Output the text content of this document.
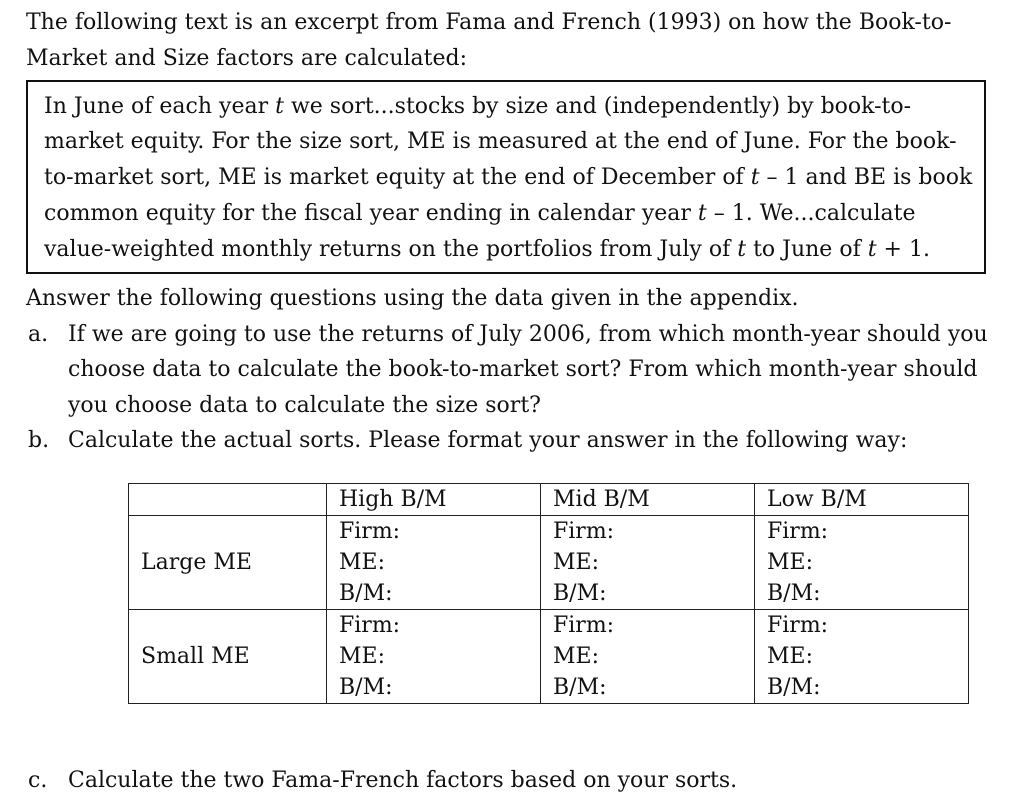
The following text is an excerpt from Fama and French (1993) on how the Book-to-
Market and Size factors are calculated:
In June of each year t we sort...stocks by size and (independently) by book-to-
market equity. For the size sort, ME is measured at the end of June. For the book-
to-market sort, ME is market equity at the end of December of t – 1 and BE is book
common equity for the fiscal year ending in calendar year t – 1. We...calculate
value-weighted monthly returns on the portfolios from July of t to June of t + 1.
Answer the following questions using the data given in the appendix.
a. If we are going to use the returns of July 2006, from which month-year should you
choose data to calculate the book-to-market sort? From which month-year should
you choose data to calculate the size sort?
b. Calculate the actual sorts. Please format your answer in the following way:
	High B/M	Mid B/M	Low B/M
Large ME	Firm:
ME:
B/M:	Firm:
ME:
B/M:	Firm:
ME:
B/M:

Small ME	Firm:
ME:
B/M:	Firm:
ME:
B/M:	Firm:
ME:
B/M:
c. Calculate the two Fama-French factors based on your sorts.
